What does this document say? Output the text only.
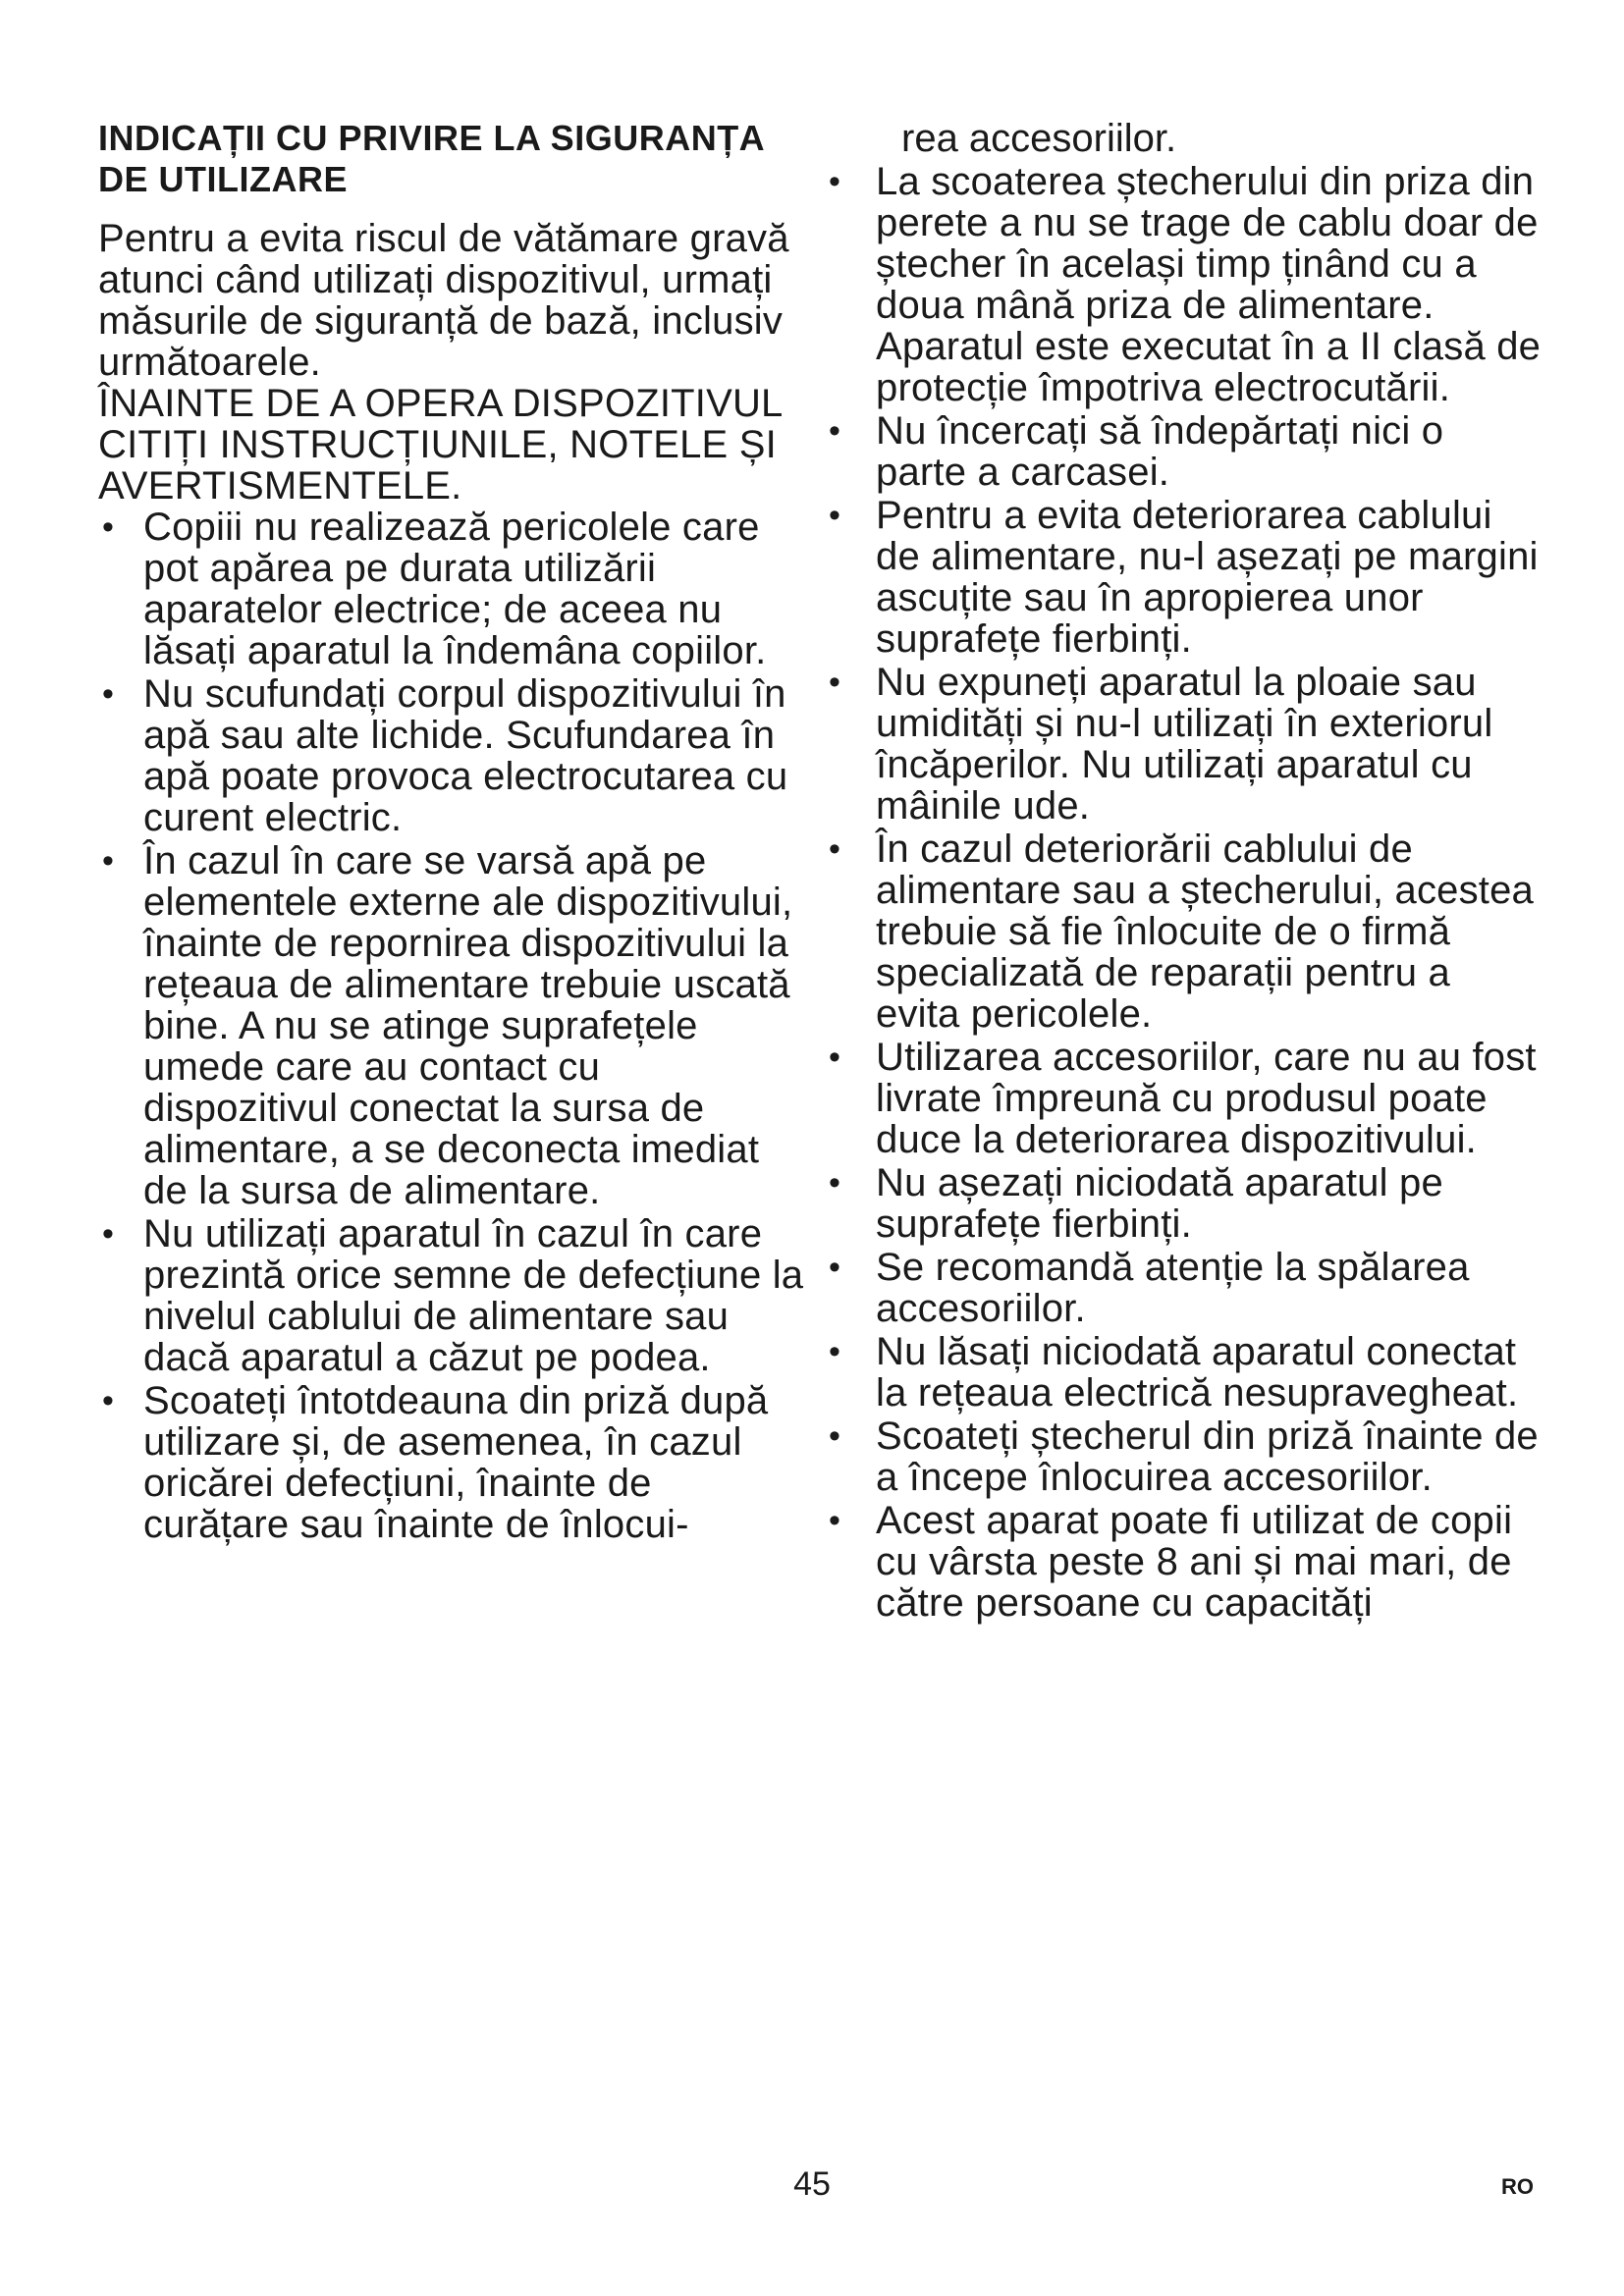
INDICAȚII CU PRIVIRE LA SIGURANȚA DE UTILIZARE

Pentru a evita riscul de vătămare gravă atunci când utilizați dispozitivul, urmați măsurile de siguranță de bază, inclusiv următoarele.

ÎNAINTE DE A OPERA DISPOZITIVUL CITIȚI INSTRUCȚIUNILE, NOTELE ȘI AVERTISMENTELE.

• Copiii nu realizează pericolele care pot apărea pe durata utilizării aparatelor electrice; de aceea nu lăsați aparatul la îndemâna copiilor.
• Nu scufundați corpul dispozitivului în apă sau alte lichide. Scufundarea în apă poate provoca electrocutarea cu curent electric.
• În cazul în care se varsă apă pe elementele externe ale dispozitivului, înainte de repornirea dispozitivului la rețeaua de alimentare trebuie uscată bine. A nu se atinge suprafețele umede care au contact cu dispozitivul conectat la sursa de alimentare, a se deconecta imediat de la sursa de alimentare.
• Nu utilizați aparatul în cazul în care prezintă orice semne de defecțiune la nivelul cablului de alimentare sau dacă aparatul a căzut pe podea.
• Scoateți întotdeauna din priză după utilizare și, de asemenea, în cazul oricărei defecțiuni, înainte de curățare sau înainte de înlocui-
rea accesoriilor.
• La scoaterea ștecherului din priza din perete a nu se trage de cablu doar de ștecher în același timp ținând cu a doua mână priza de alimentare. Aparatul este executat în a II clasă de protecție împotriva electrocutării.
• Nu încercați să îndepărtați nici o parte a carcasei.
• Pentru a evita deteriorarea cablului de alimentare, nu-l așezați pe margini ascuțite sau în apropierea unor suprafețe fierbinți.
• Nu expuneți aparatul la ploaie sau umidități și nu-l utilizați în exteriorul încăperilor. Nu utilizați aparatul cu mâinile ude.
• În cazul deteriorării cablului de alimentare sau a ștecherului, acestea trebuie să fie înlocuite de o firmă specializată de reparații pentru a evita pericolele.
• Utilizarea accesoriilor, care nu au fost livrate împreună cu produsul poate duce la deteriorarea dispozitivului.
• Nu așezați niciodată aparatul pe suprafețe fierbinți.
• Se recomandă atenție la spălarea accesoriilor.
• Nu lăsați niciodată aparatul conectat la rețeaua electrică nesupravegheat.
• Scoateți ștecherul din priză înainte de a începe înlocuirea accesoriilor.
• Acest aparat poate fi utilizat de copii cu vârsta peste 8 ani și mai mari, de către persoane cu capacități
45	RO
